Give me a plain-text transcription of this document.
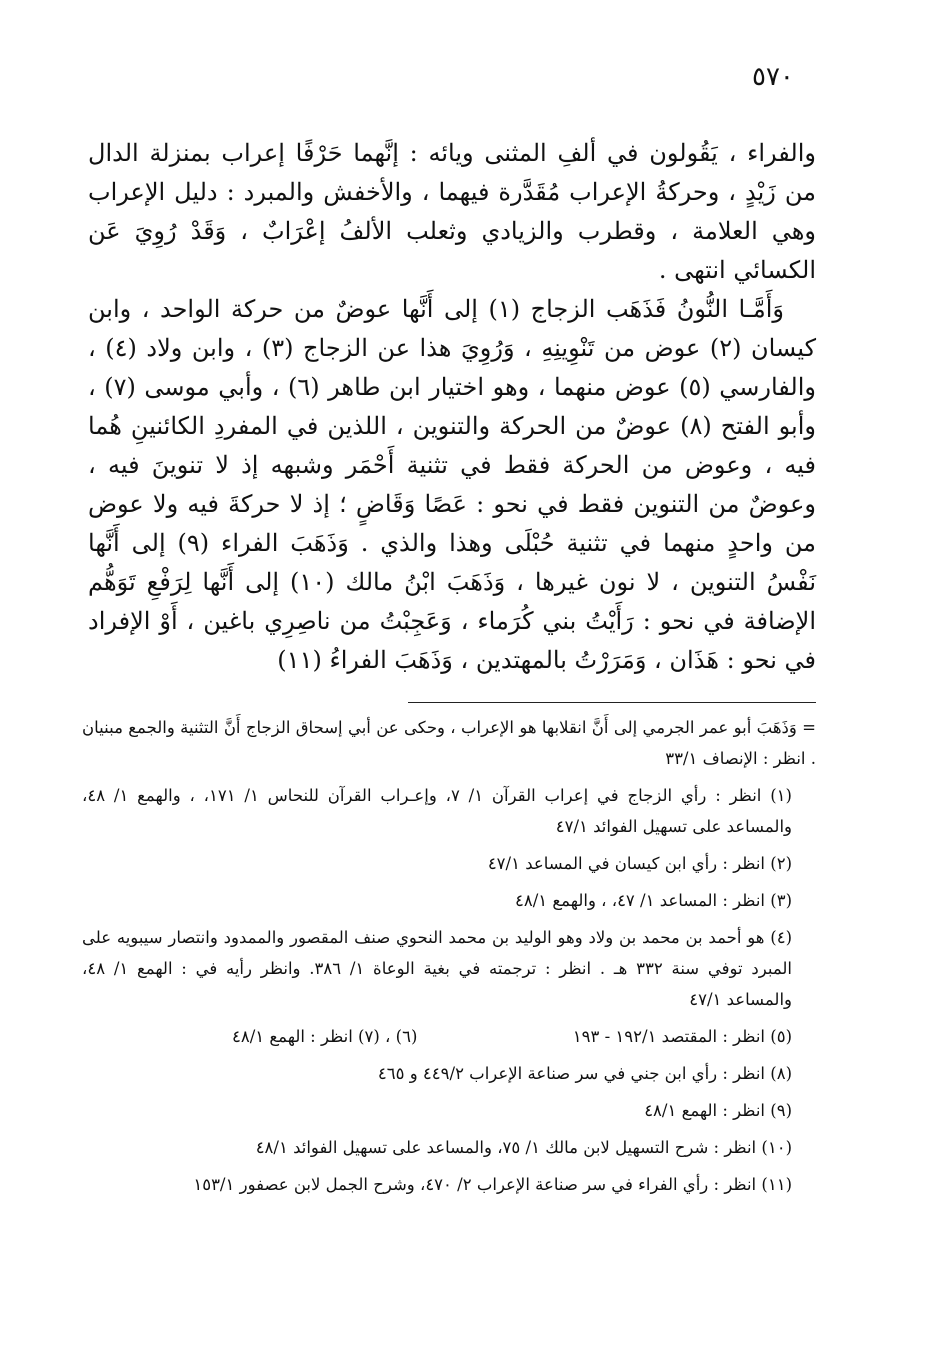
٥٧٠

والفراء ، يَقُولون في ألفِ المثنى ويائه : إنَّهما حَرْفًا إعراب بمنزلة الدال من زَيْدٍ ، وحركةُ الإعراب مُقَدَّرة فيهما ، والأخفش والمبرد : دليل الإعراب وهي العلامة ، وقطرب والزيادي وثعلب الألفُ إعْرَابٌ ، وَقَدْ رُوِيَ عَن الكسائي انتهى .

وَأَمَّـا النُّونُ فَذَهَب الزجاج (١) إلى أَنَّها عوضٌ من حركة الواحد ، وابن كيسان (٢) عوض من تَنْوِينِهِ ، وَرُوِيَ هذا عن الزجاج (٣) ، وابن ولاد (٤) ، والفارسي (٥) عوض منهما ، وهو اختيار ابن طاهر (٦) ، وأبي موسى (٧) ، وأبو الفتح (٨) عوضٌ من الحركة والتنوين ، اللذين في المفردِ الكائنينِ هُما فيه ، وعوض من الحركة فقط في تثنية أَحْمَر وشبهه إذ لا تنوينَ فيه ، وعوضٌ من التنوين فقط في نحو : عَصًا وَقَاضٍ ؛ إذ لا حركةَ فيه ولا عوض من واحدٍ منهما في تثنية حُبْلَى وهذا والذي . وَذَهَبَ الفراء (٩) إلى أَنَّها نَفْسُ التنوين ، لا نون غيرها ، وَذَهَبَ ابْنُ مالك (١٠) إلى أَنَّها لِرَفْعِ تَوَهُّم الإضافة في نحو : رَأَيْتُ بني كُرَماء ، وَعَجِبْتُ من ناصِرِي باغين ، أَوْ الإفراد في نحو : هَذَان ، وَمَرَرْتُ بالمهتدين ، وَذَهَبَ الفراءُ (١١)

= وَذَهَبَ أبو عمر الجرمي إلى أَنَّ انقلابها هو الإعراب ، وحكى عن أبي إسحاق الزجاج أَنَّ التثنية والجمع مبنيان . انظر : الإنصاف ٣٣/١

(١) انظر : رأي الزجاج في إعراب القرآن ١/ ٧، وإعـراب القرآن للنحاس ١/ ١٧١، ، والهمع ١/ ٤٨، والمساعد على تسهيل الفوائد ٤٧/١

(٢) انظر : رأي ابن كيسان في المساعد ٤٧/١

(٣) انظر : المساعد ١/ ٤٧، ، والهمع ٤٨/١

(٤) هو أحمد بن محمد بن ولاد وهو الوليد بن محمد النحوي صنف المقصور والممدود وانتصار سيبويه على المبرد توفي سنة ٣٣٢ هـ . انظر : ترجمته في بغية الوعاة ١/ ٣٨٦. وانظر رأيه في : الهمع ١/ ٤٨، والمساعد ٤٧/١

(٥) انظر : المقتصد ١٩٢/١ - ١٩٣
(٦) ، (٧) انظر : الهمع ٤٨/١

(٨) انظر : رأي ابن جني في سر صناعة الإعراب ٤٤٩/٢ و ٤٦٥

(٩) انظر : الهمع ٤٨/١

(١٠) انظر : شرح التسهيل لابن مالك ١/ ٧٥، والمساعد على تسهيل الفوائد ٤٨/١

(١١) انظر : رأي الفراء في سر صناعة الإعراب ٢/ ٤٧٠، وشرح الجمل لابن عصفور ١٥٣/١
